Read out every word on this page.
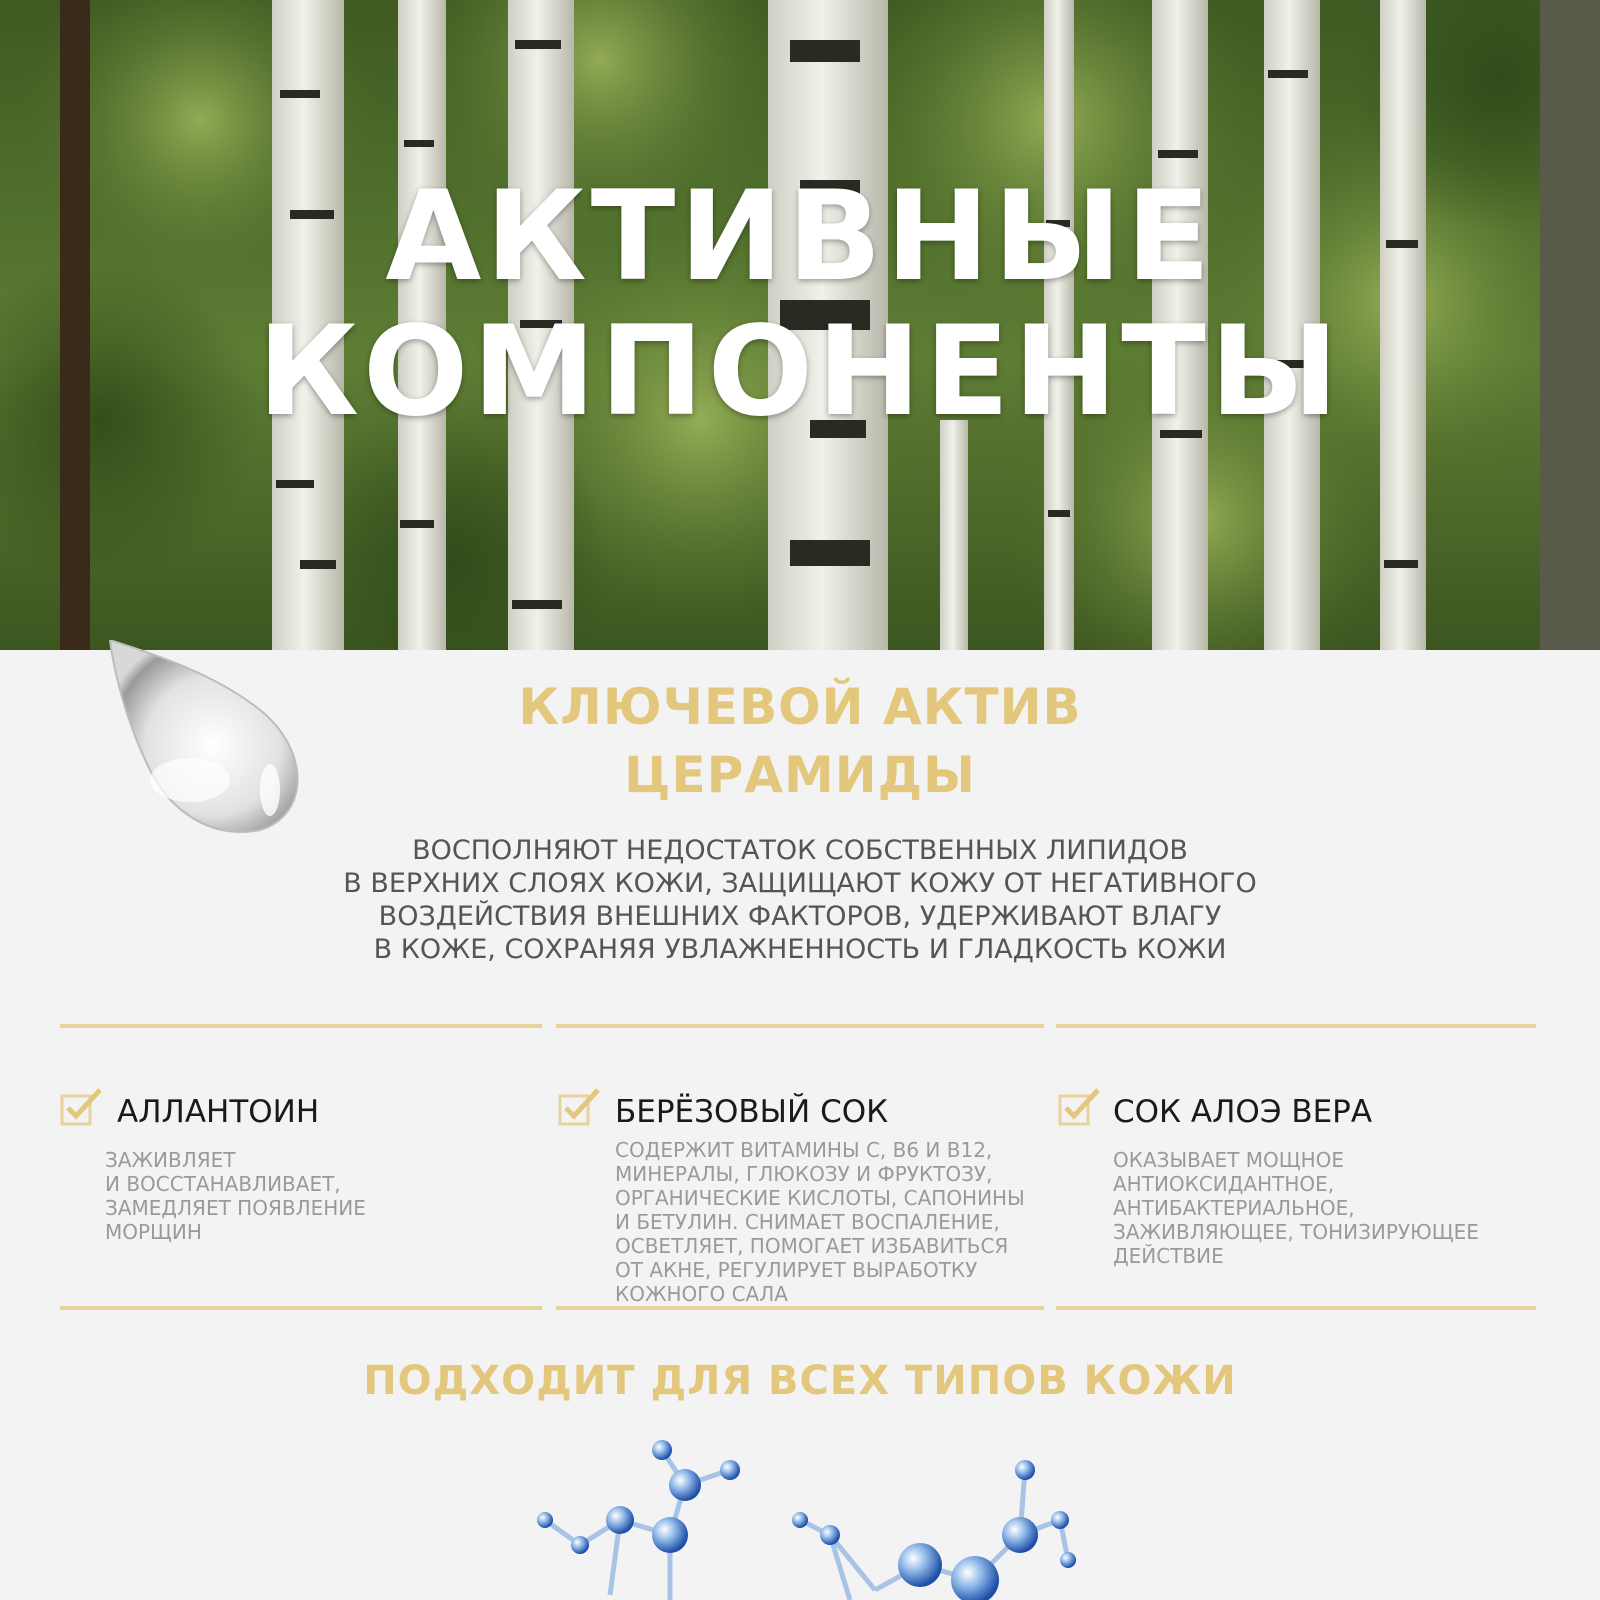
АКТИВНЫЕ
КОМПОНЕНТЫ
КЛЮЧЕВОЙ АКТИВ
ЦЕРАМИДЫ
ВОСПОЛНЯЮТ НЕДОСТАТОК СОБСТВЕННЫХ ЛИПИДОВ
В ВЕРХНИХ СЛОЯХ КОЖИ, ЗАЩИЩАЮТ КОЖУ ОТ НЕГАТИВНОГО
ВОЗДЕЙСТВИЯ ВНЕШНИХ ФАКТОРОВ, УДЕРЖИВАЮТ ВЛАГУ
В КОЖЕ, СОХРАНЯЯ УВЛАЖНЕННОСТЬ И ГЛАДКОСТЬ КОЖИ
АЛЛАНТОИН
ЗАЖИВЛЯЕТ
И ВОССТАНАВЛИВАЕТ,
ЗАМЕДЛЯЕТ ПОЯВЛЕНИЕ
МОРЩИН
БЕРЁЗОВЫЙ СОК
СОДЕРЖИТ ВИТАМИНЫ С, В6 И В12,
МИНЕРАЛЫ, ГЛЮКОЗУ И ФРУКТОЗУ,
ОРГАНИЧЕСКИЕ КИСЛОТЫ, САПОНИНЫ
И БЕТУЛИН. СНИМАЕТ ВОСПАЛЕНИЕ,
ОСВЕТЛЯЕТ, ПОМОГАЕТ ИЗБАВИТЬСЯ
ОТ АКНЕ, РЕГУЛИРУЕТ ВЫРАБОТКУ
КОЖНОГО САЛА
СОК АЛОЭ ВЕРА
ОКАЗЫВАЕТ МОЩНОЕ
АНТИОКСИДАНТНОЕ,
АНТИБАКТЕРИАЛЬНОЕ,
ЗАЖИВЛЯЮЩЕЕ, ТОНИЗИРУЮЩЕЕ
ДЕЙСТВИЕ
ПОДХОДИТ ДЛЯ ВСЕХ ТИПОВ КОЖИ
